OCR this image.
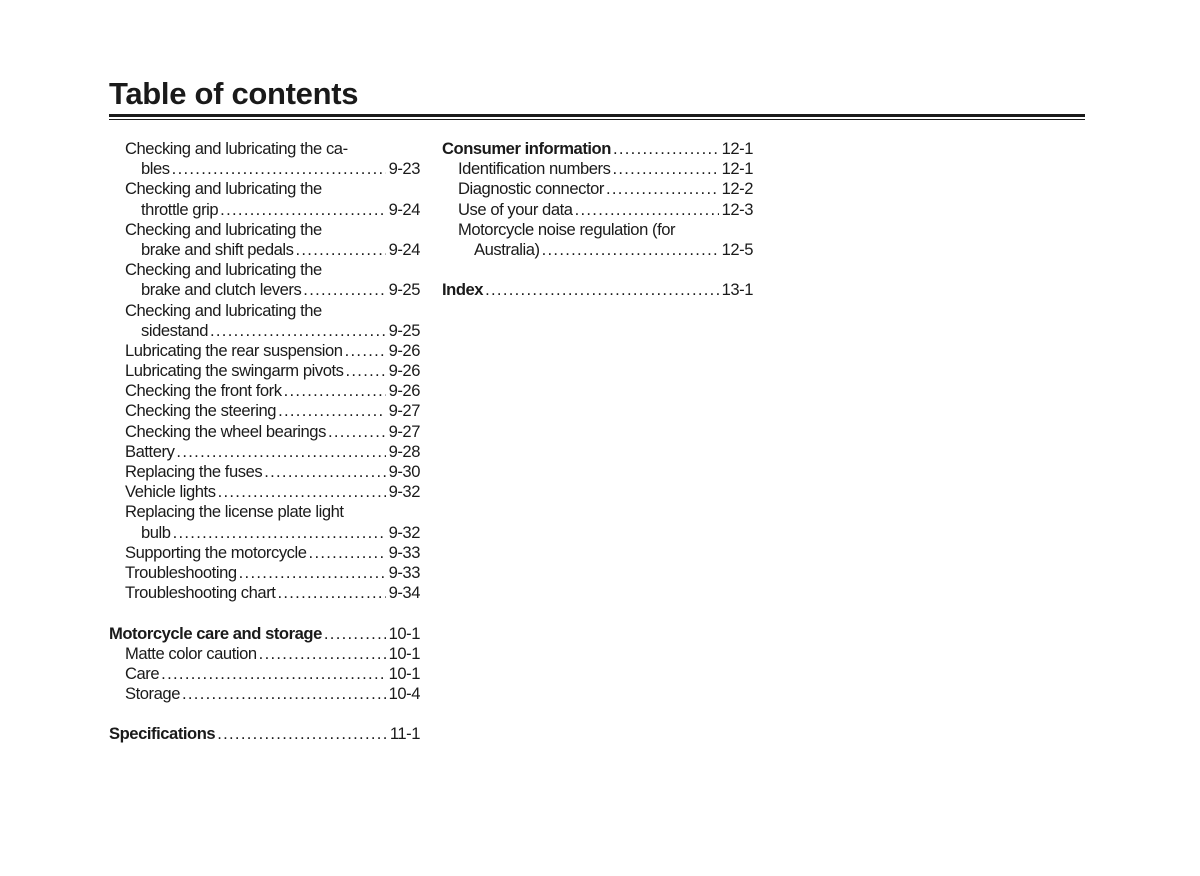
Table of contents
Checking and lubricating the ca-
bles .....	9-23
Checking and lubricating the
throttle grip .....	9-24
Checking and lubricating the
brake and shift pedals .....	9-24
Checking and lubricating the
brake and clutch levers .....	9-25
Checking and lubricating the
sidestand .....	9-25
Lubricating the rear suspension .....	9-26
Lubricating the swingarm pivots .....	9-26
Checking the front fork .....	9-26
Checking the steering .....	9-27
Checking the wheel bearings .....	9-27
Battery .....	9-28
Replacing the fuses .....	9-30
Vehicle lights .....	9-32
Replacing the license plate light
bulb .....	9-32
Supporting the motorcycle .....	9-33
Troubleshooting .....	9-33
Troubleshooting chart .....	9-34
Motorcycle care and storage .....	10-1
Matte color caution .....	10-1
Care .....	10-1
Storage .....	10-4
Specifications .....	11-1
Consumer information .....	12-1
Identification numbers .....	12-1
Diagnostic connector .....	12-2
Use of your data .....	12-3
Motorcycle noise regulation (for
Australia) .....	12-5
Index .....	13-1
